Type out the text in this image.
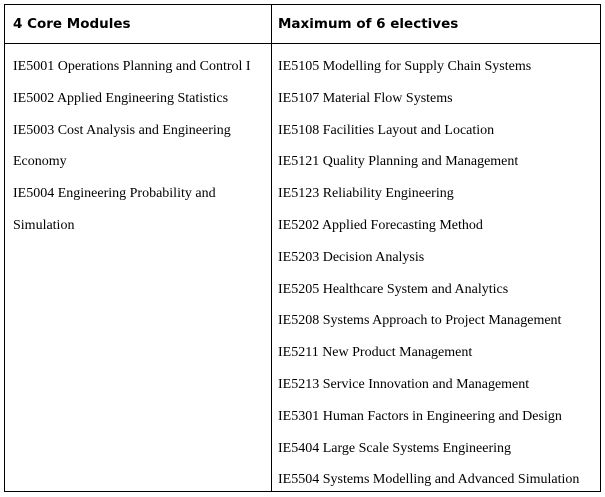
4 Core Modules	Maximum of 6 electives
IE5001 Operations Planning and Control I
IE5002 Applied Engineering Statistics
IE5003 Cost Analysis and Engineering
Economy
IE5004 Engineering Probability and
Simulation
IE5105 Modelling for Supply Chain Systems
IE5107 Material Flow Systems
IE5108 Facilities Layout and Location
IE5121 Quality Planning and Management
IE5123 Reliability Engineering
IE5202 Applied Forecasting Method
IE5203 Decision Analysis
IE5205 Healthcare System and Analytics
IE5208 Systems Approach to Project Management
IE5211 New Product Management
IE5213 Service Innovation and Management
IE5301 Human Factors in Engineering and Design
IE5404 Large Scale Systems Engineering
IE5504 Systems Modelling and Advanced Simulation
